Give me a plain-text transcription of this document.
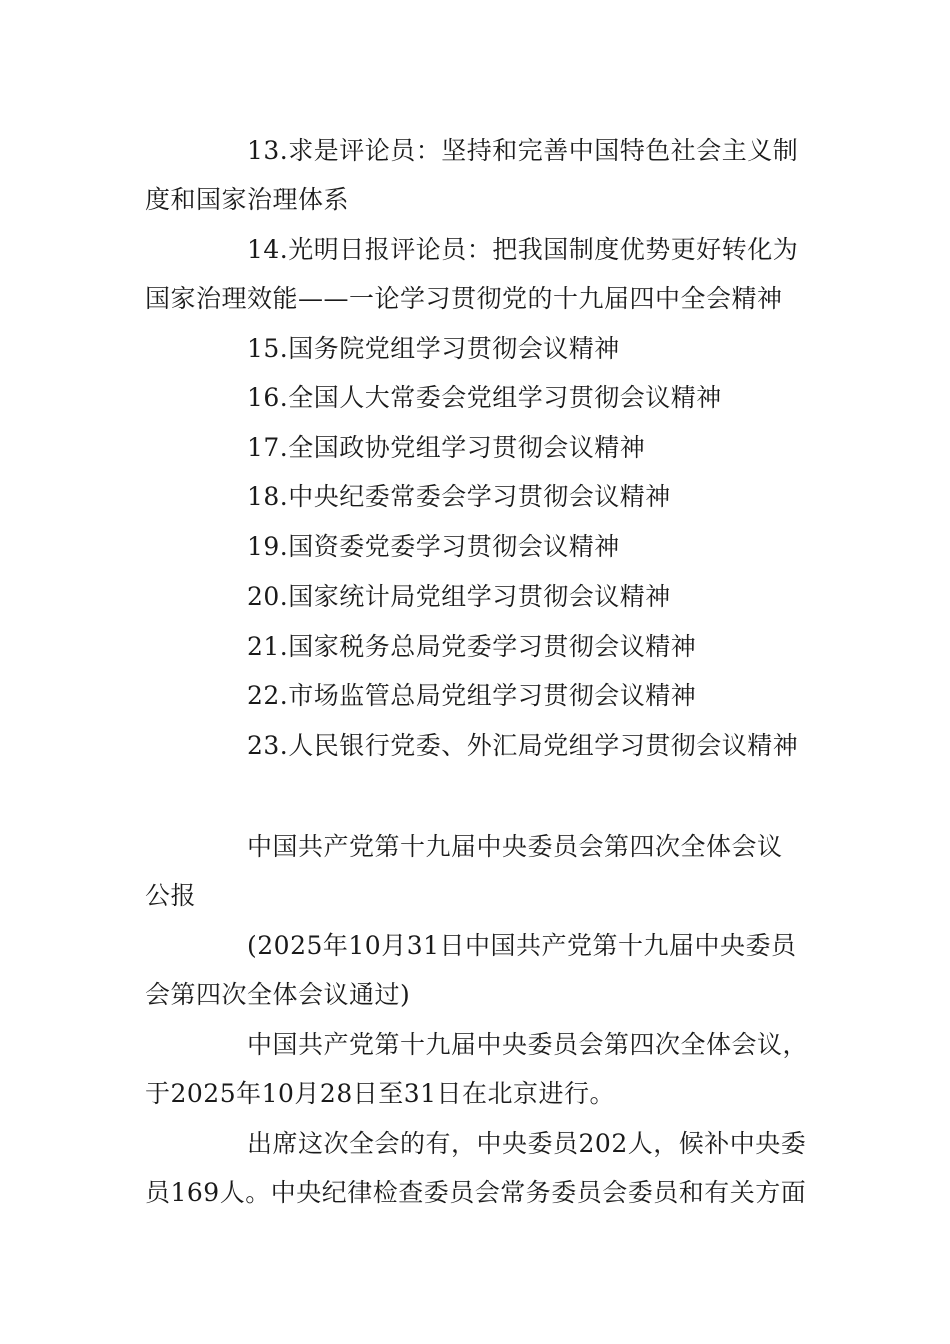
13.求是评论员：坚持和完善中国特色社会主义制
度和国家治理体系
14.光明日报评论员：把我国制度优势更好转化为
国家治理效能——一论学习贯彻党的十九届四中全会精神
15.国务院党组学习贯彻会议精神
16.全国人大常委会党组学习贯彻会议精神
17.全国政协党组学习贯彻会议精神
18.中央纪委常委会学习贯彻会议精神
19.国资委党委学习贯彻会议精神
20.国家统计局党组学习贯彻会议精神
21.国家税务总局党委学习贯彻会议精神
22.市场监管总局党组学习贯彻会议精神
23.人民银行党委、外汇局党组学习贯彻会议精神
中国共产党第十九届中央委员会第四次全体会议
公报
(2025年10月31日中国共产党第十九届中央委员
会第四次全体会议通过)
中国共产党第十九届中央委员会第四次全体会议，
于2025年10月28日至31日在北京进行。
出席这次全会的有，中央委员202人，候补中央委
员169人。中央纪律检查委员会常务委员会委员和有关方面
